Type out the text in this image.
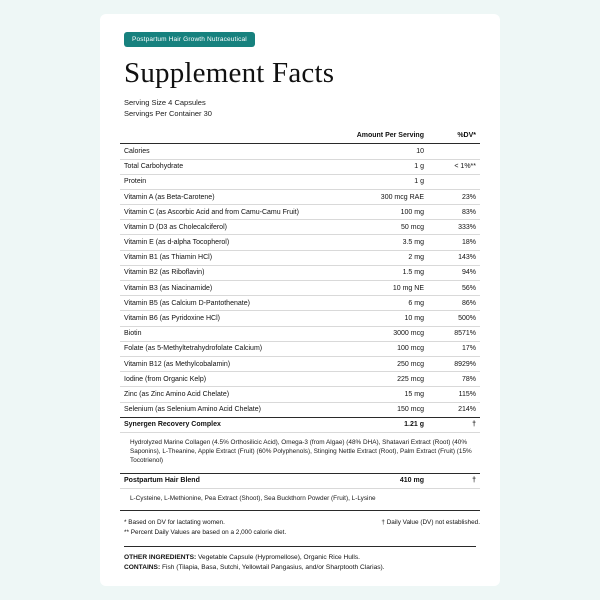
Postpartum Hair Growth Nutraceutical
Supplement Facts
Serving Size 4 Capsules
Servings Per Container 30
	Amount Per Serving	%DV*
Calories	10	
Total Carbohydrate	1 g	< 1%**
Protein	1 g	
Vitamin A (as Beta-Carotene)	300 mcg RAE	23%
Vitamin C (as Ascorbic Acid and from Camu-Camu Fruit)	100 mg	83%
Vitamin D (D3 as Cholecalciferol)	50 mcg	333%
Vitamin E (as d-alpha Tocopherol)	3.5 mg	18%
Vitamin B1 (as Thiamin HCl)	2 mg	143%
Vitamin B2 (as Riboflavin)	1.5 mg	94%
Vitamin B3 (as Niacinamide)	10 mg NE	56%
Vitamin B5 (as Calcium D-Pantothenate)	6 mg	86%
Vitamin B6 (as Pyridoxine HCl)	10 mg	500%
Biotin	3000 mcg	8571%
Folate (as 5-Methyltetrahydrofolate Calcium)	100 mcg	17%
Vitamin B12 (as Methylcobalamin)	250 mcg	8929%
Iodine (from Organic Kelp)	225 mcg	78%
Zinc (as Zinc Amino Acid Chelate)	15 mg	115%
Selenium (as Selenium Amino Acid Chelate)	150 mcg	214%
Synergen Recovery Complex	1.21 g	†
Hydrolyzed Marine Collagen (4.5% Orthosilicic Acid), Omega-3 (from Algae) (48% DHA), Shatavari Extract (Root) (40% Saponins), L-Theanine, Apple Extract (Fruit) (60% Polyphenols), Stinging Nettle Extract (Root), Palm Extract (Fruit) (15% Tocotrienol)		
Postpartum Hair Blend	410 mg	†
L-Cysteine, L-Methionine, Pea Extract (Shoot), Sea Buckthorn Powder (Fruit), L-Lysine		
* Based on DV for lactating women.	† Daily Value (DV) not established.
** Percent Daily Values are based on a 2,000 calorie diet.
OTHER INGREDIENTS: Vegetable Capsule (Hypromellose), Organic Rice Hulls.
CONTAINS: Fish (Tilapia, Basa, Sutchi, Yellowtail Pangasius, and/or Sharptooth Clarias).
